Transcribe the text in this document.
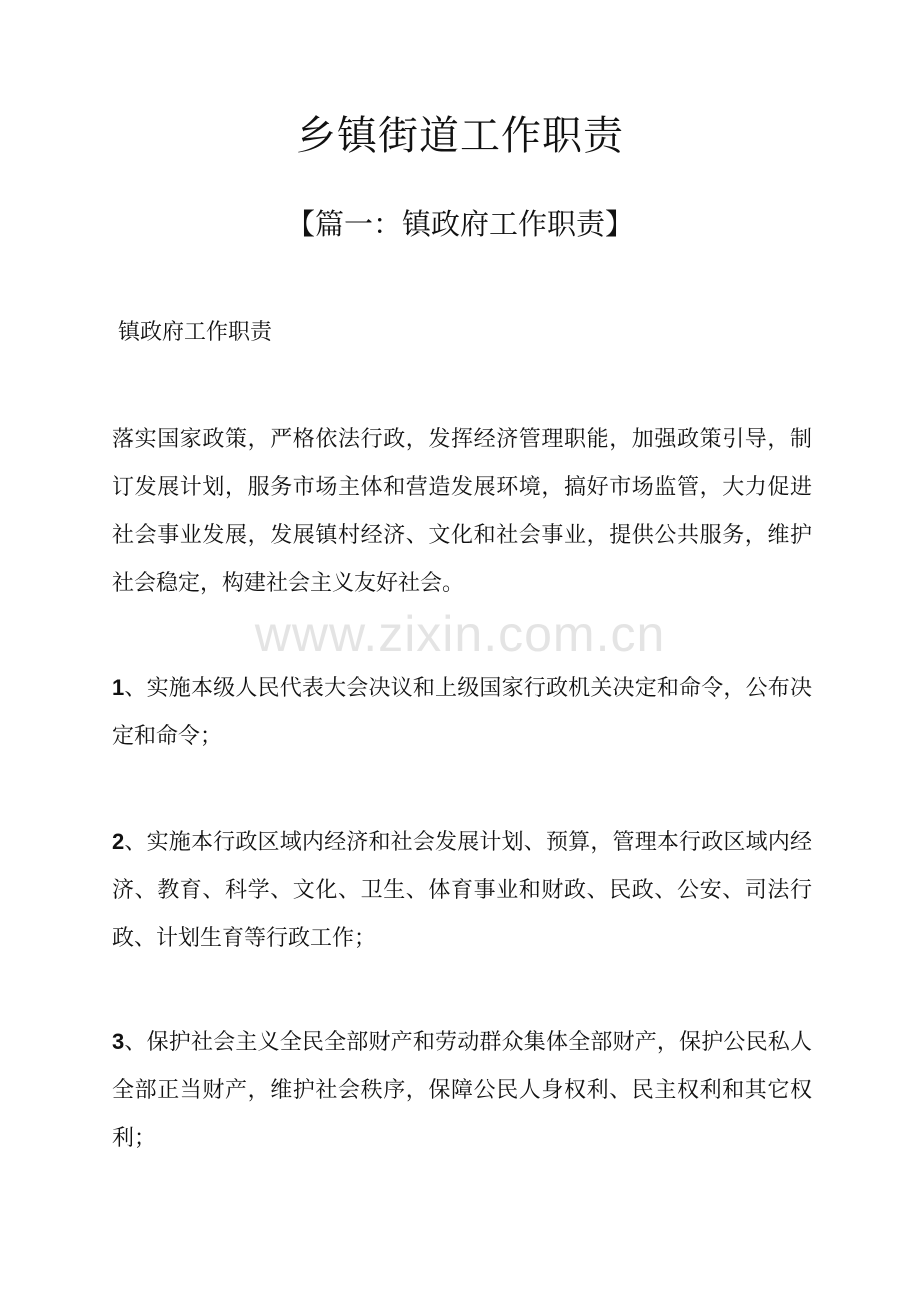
乡镇街道工作职责
【篇一：镇政府工作职责】
镇政府工作职责

落实国家政策，严格依法行政，发挥经济管理职能，加强政策引导，制订发展计划，服务市场主体和营造发展环境，搞好市场监管，大力促进社会事业发展，发展镇村经济、文化和社会事业，提供公共服务，维护社会稳定，构建社会主义友好社会。

www.zixin.com.cn

1、实施本级人民代表大会决议和上级国家行政机关决定和命令，公布决定和命令；

2、实施本行政区域内经济和社会发展计划、预算，管理本行政区域内经济、教育、科学、文化、卫生、体育事业和财政、民政、公安、司法行政、计划生育等行政工作；

3、保护社会主义全民全部财产和劳动群众集体全部财产，保护公民私人全部正当财产，维护社会秩序，保障公民人身权利、民主权利和其它权利；
